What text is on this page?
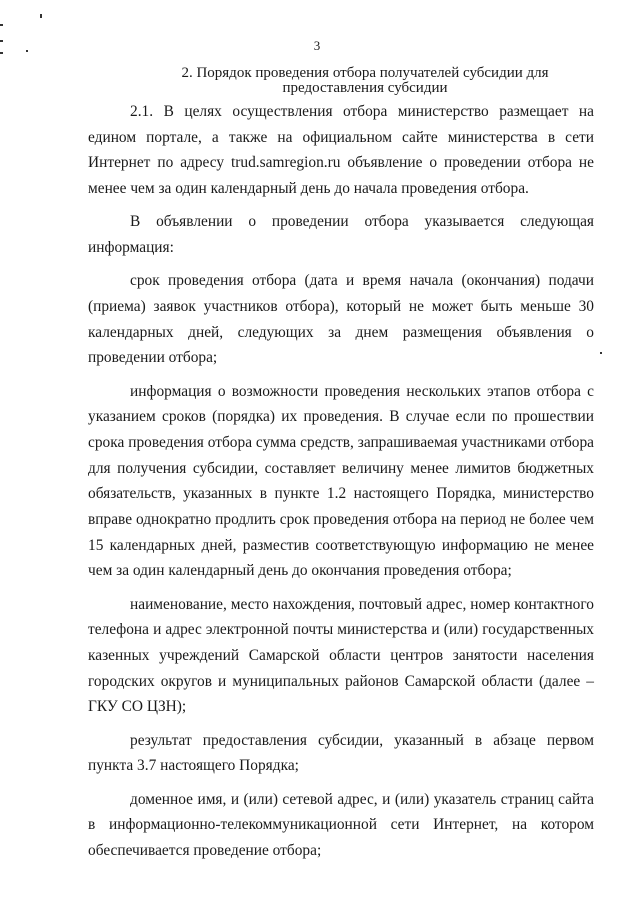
3
2. Порядок проведения отбора получателей субсидии для
предоставления субсидии

2.1. В целях осуществления отбора министерство размещает на едином портале, а также на официальном сайте министерства в сети Интернет по адресу trud.samregion.ru объявление о проведении отбора не менее чем за один календарный день до начала проведения отбора.

В объявлении о проведении отбора указывается следующая информация:

срок проведения отбора (дата и время начала (окончания) подачи (приема) заявок участников отбора), который не может быть меньше 30 календарных дней, следующих за днем размещения объявления о проведении отбора;

информация о возможности проведения нескольких этапов отбора с указанием сроков (порядка) их проведения. В случае если по прошествии срока проведения отбора сумма средств, запрашиваемая участниками отбора для получения субсидии, составляет величину менее лимитов бюджетных обязательств, указанных в пункте 1.2 настоящего Порядка, министерство вправе однократно продлить срок проведения отбора на период не более чем 15 календарных дней, разместив соответствующую информацию не менее чем за один календарный день до окончания проведения отбора;

наименование, место нахождения, почтовый адрес, номер контактного телефона и адрес электронной почты министерства и (или) государственных казенных учреждений Самарской области центров занятости населения городских округов и муниципальных районов Самарской области (далее – ГКУ СО ЦЗН);

результат предоставления субсидии, указанный в абзаце первом пункта 3.7 настоящего Порядка;

доменное имя, и (или) сетевой адрес, и (или) указатель страниц сайта в информационно-телекоммуникационной сети Интернет, на котором обеспечивается проведение отбора;
